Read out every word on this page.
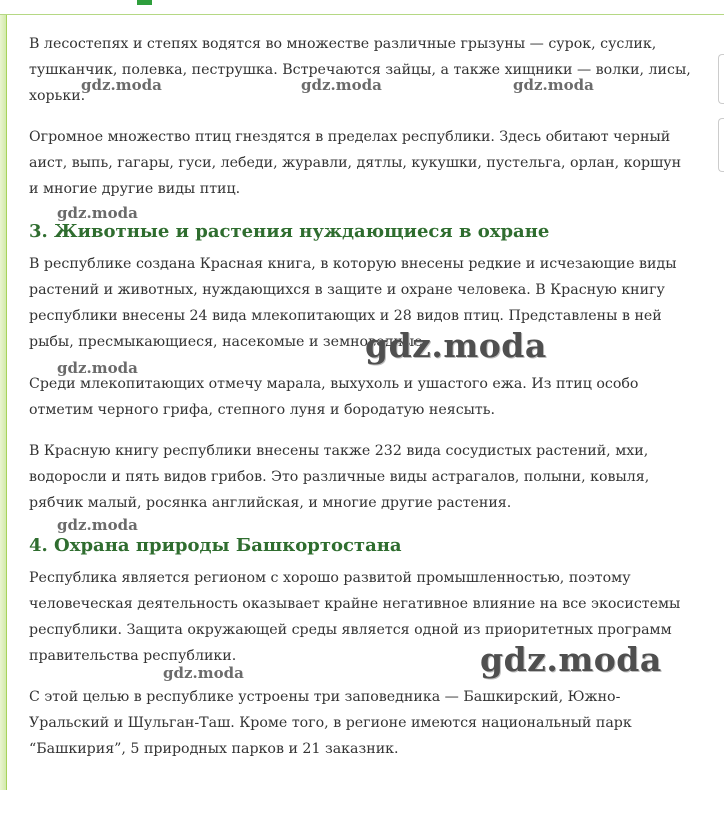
В лесостепях и степях водятся во множестве различные грызуны — сурок, суслик, тушканчик, полевка, пеструшка. Встречаются зайцы, а также хищники — волки, лисы, хорьки.

Огромное множество птиц гнездятся в пределах республики. Здесь обитают черный аист, выпь, гагары, гуси, лебеди, журавли, дятлы, кукушки, пустельга, орлан, коршун и многие другие виды птиц.

3. Животные и растения нуждающиеся в охране

В республике создана Красная книга, в которую внесены редкие и исчезающие виды растений и животных, нуждающихся в защите и охране человека. В Красную книгу республики внесены 24 вида млекопитающих и 28 видов птиц. Представлены в ней рыбы, пресмыкающиеся, насекомые и земноводные.

Среди млекопитающих отмечу марала, выхухоль и ушастого ежа. Из птиц особо отметим черного грифа, степного луня и бородатую неясыть.

В Красную книгу республики внесены также 232 вида сосудистых растений, мхи, водоросли и пять видов грибов. Это различные виды астрагалов, полыни, ковыля, рябчик малый, росянка английская, и многие другие растения.

4. Охрана природы Башкортостана

Республика является регионом с хорошо развитой промышленностью, поэтому человеческая деятельность оказывает крайне негативное влияние на все экосистемы республики. Защита окружающей среды является одной из приоритетных программ правительства республики.

С этой целью в республике устроены три заповедника — Башкирский, Южно-Уральский и Шульган-Таш. Кроме того, в регионе имеются национальный парк “Башкирия”, 5 природных парков и 21 заказник.

gdz.moda	gdz.moda	gdz.moda
gdz.moda
gdz.moda
gdz.moda
gdz.moda
gdz.moda
gdz.moda
